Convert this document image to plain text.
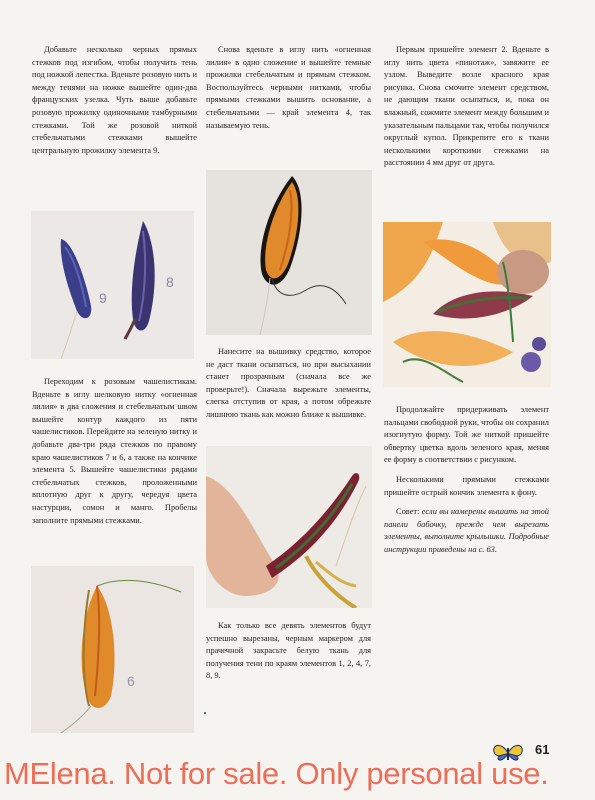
Добавьте несколько черных прямых стежков под изгибом, чтобы получить тень под ножкой лепестка. Вденьте розовую нить и между тенями на ножке вышейте один-два французских узелка. Чуть выше добавьте розовую прожилку одиночными тамбурными стежками. Той же розовой ниткой стебельчатыми стежками вышейте центральную прожилку элемента 9.

Переходим к розовым чашелистикам. Вденьте в иглу шелковую нитку «огненная лилия» в два сложения и стебельчатым швом вышейте контур каждого из пяти чашелистиков. Перейдите на зеленую нитку и добавьте два-три ряда стежков по правому краю чашелистиков 7 и 6, а также на кончике элемента 5. Вышейте чашелистики рядами стебельчатых стежков, проложенными вплотную друг к другу, чередуя цвета настурции, сомон и манго. Пробелы заполните прямыми стежками.

Снова вденьте в иглу нить «огненная лилия» в одно сложение и вышейте темные прожилки стебельчатым и прямым стежком. Воспользуйтесь черными нитками, чтобы прямыми стежками вышить основание, а стебельчатыми — край элемента 4, так называемую тень.

Нанесите на вышивку средство, которое не даст ткани осыпаться, но при высыхании станет прозрачным (сначала все же проверьте!). Сначала вырежьте элементы, слегка отступив от края, а потом обрежьте лишнюю ткань как можно ближе к вышивке.

Как только все девять элементов будут успешно вырезаны, черным маркером для прачечной закрасьте белую ткань для получения тени по краям элементов 1, 2, 4, 7, 8, 9.

Первым пришейте элемент 2. Вденьте в иглу нить цвета «пинотаж», завяжите ее узлом. Выведите возле красного края рисунка. Снова смочите элемент средством, не дающим ткани осыпаться, и, пока он влажный, сожмите элемент между большим и указательным пальцами так, чтобы получился округлый купол. Прикрепите его к ткани несколькими короткими стежками на расстоянии 4 мм друг от друга.

Продолжайте придерживать элемент пальцами свободной руки, чтобы он сохранил изогнутую форму. Той же ниткой пришейте обвертку цветка вдоль зеленого края, меняя ее форму в соответствии с рисунком.

Несколькими прямыми стежками пришейте острый кончик элемента к фону.

Совет: если вы намерены вышить на этой панели бабочку, прежде чем вырезать элементы, выполните крылышки. Подробные инструкции приведены на с. 63.

9
8
6
61
MElena. Not for sale. Only personal use.
